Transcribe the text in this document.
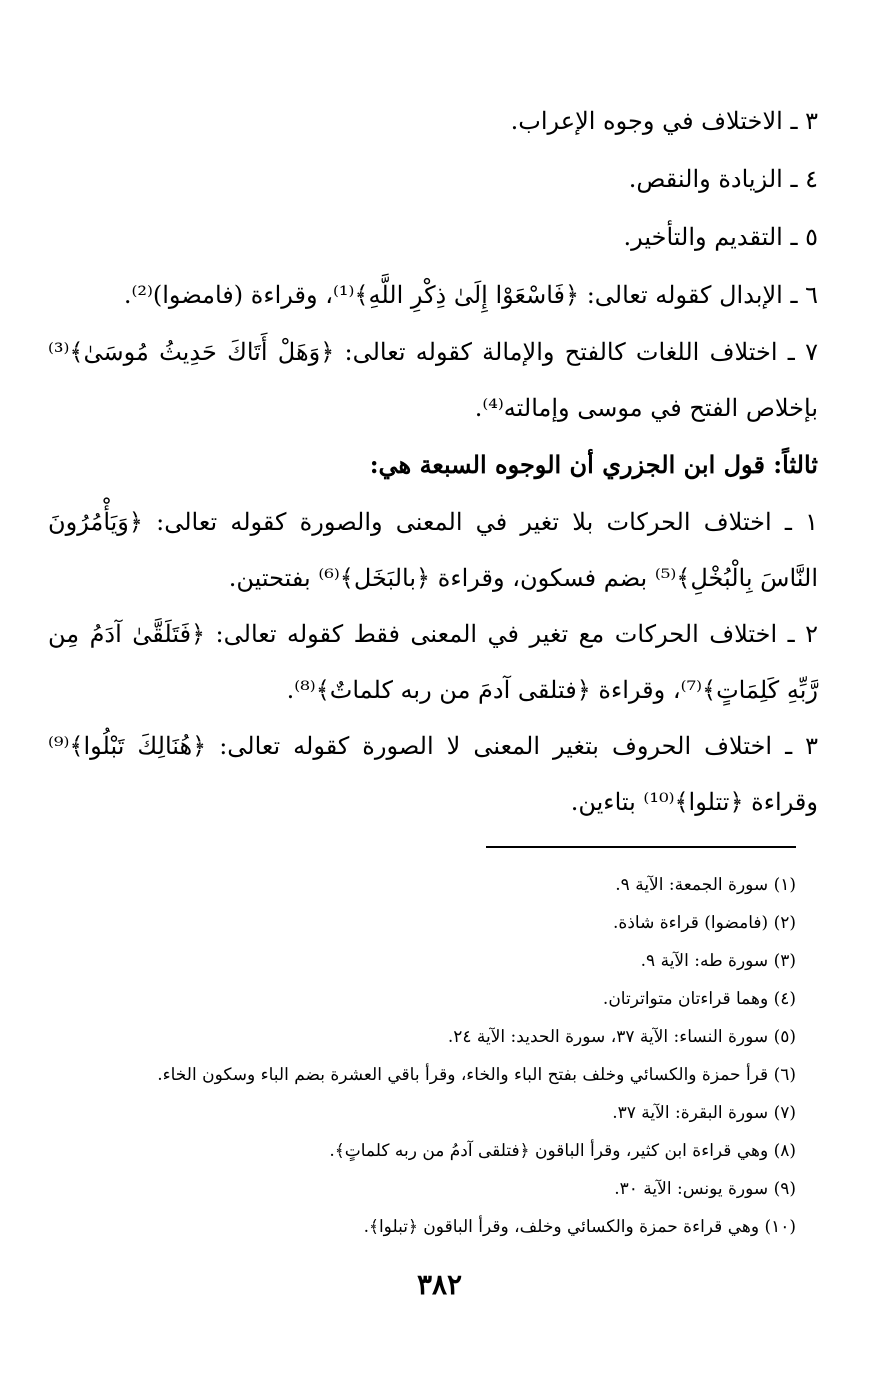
٣ ـ الاختلاف في وجوه الإعراب.
٤ ـ الزيادة والنقص.
٥ ـ التقديم والتأخير.
٦ ـ الإبدال كقوله تعالى: ﴿فَاسْعَوْا إِلَىٰ ذِكْرِ اللَّهِ﴾⁽¹⁾، وقراءة (فامضوا)⁽²⁾.
٧ ـ اختلاف اللغات كالفتح والإمالة كقوله تعالى: ﴿وَهَلْ أَتَاكَ حَدِيثُ مُوسَىٰ﴾⁽³⁾ بإخلاص الفتح في موسى وإمالته⁽⁴⁾.
ثالثاً: قول ابن الجزري أن الوجوه السبعة هي:
١ ـ اختلاف الحركات بلا تغير في المعنى والصورة كقوله تعالى: ﴿وَيَأْمُرُونَ النَّاسَ بِالْبُخْلِ﴾⁽⁵⁾ بضم فسكون، وقراءة ﴿بالبَخَل﴾⁽⁶⁾ بفتحتين.
٢ ـ اختلاف الحركات مع تغير في المعنى فقط كقوله تعالى: ﴿فَتَلَقَّىٰ آدَمُ مِن رَّبِّهِ كَلِمَاتٍ﴾⁽⁷⁾، وقراءة ﴿فتلقى آدمَ من ربه كلماتٌ﴾⁽⁸⁾.
٣ ـ اختلاف الحروف بتغير المعنى لا الصورة كقوله تعالى: ﴿هُنَالِكَ تَبْلُوا﴾⁽⁹⁾ وقراءة ﴿تتلوا﴾⁽¹⁰⁾ بتاءين.
(١) سورة الجمعة: الآية ٩.
(٢) (فامضوا) قراءة شاذة.
(٣) سورة طه: الآية ٩.
(٤) وهما قراءتان متواترتان.
(٥) سورة النساء: الآية ٣٧، سورة الحديد: الآية ٢٤.
(٦) قرأ حمزة والكسائي وخلف بفتح الباء والخاء، وقرأ باقي العشرة بضم الباء وسكون الخاء.
(٧) سورة البقرة: الآية ٣٧.
(٨) وهي قراءة ابن كثير، وقرأ الباقون ﴿فتلقى آدمُ من ربه كلماتٍ﴾.
(٩) سورة يونس: الآية ٣٠.
(١٠) وهي قراءة حمزة والكسائي وخلف، وقرأ الباقون ﴿تبلوا﴾.
٣٨٢
